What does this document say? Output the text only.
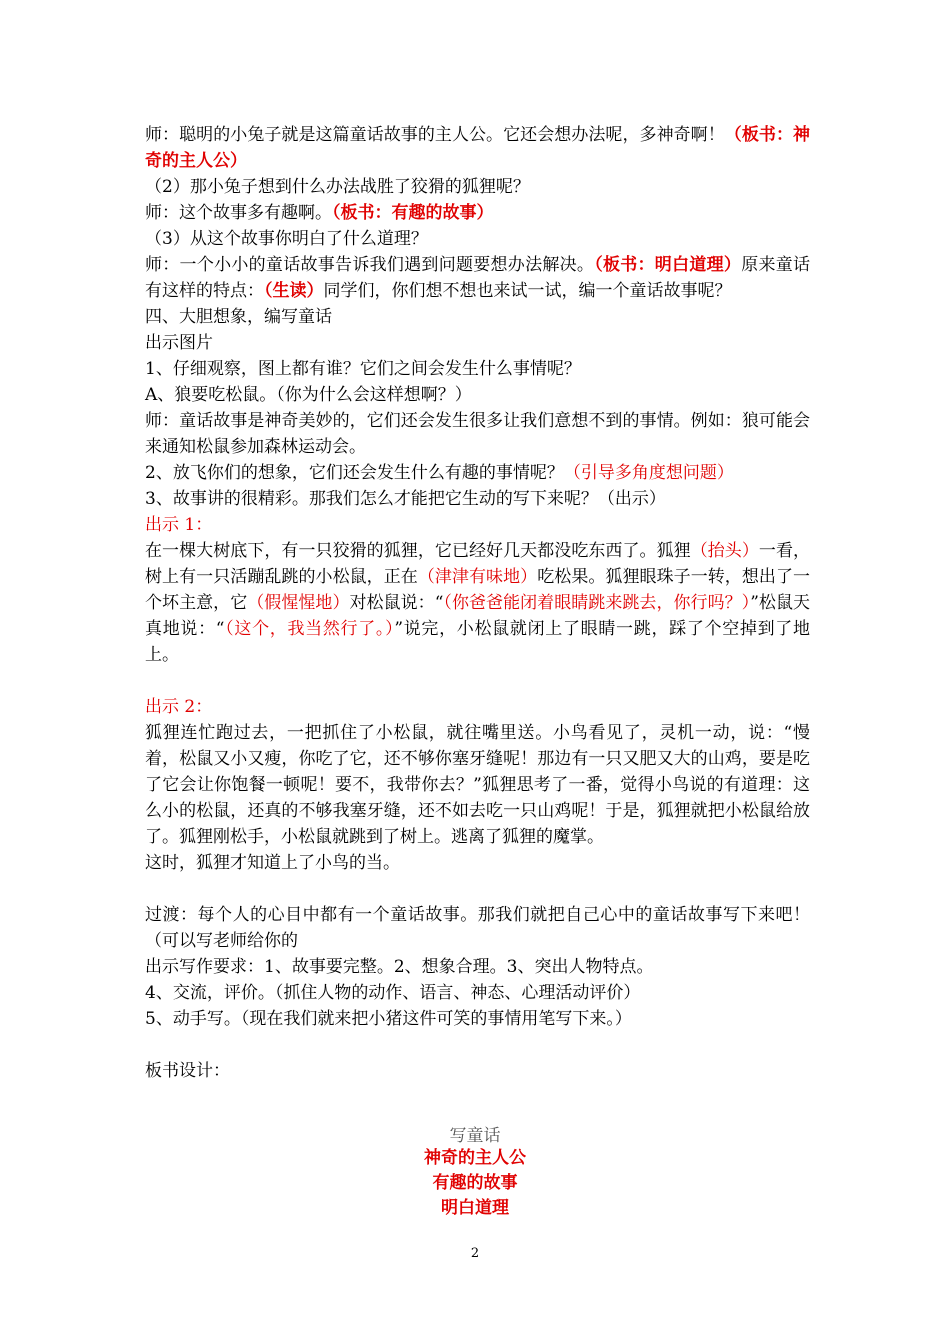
师：聪明的小兔子就是这篇童话故事的主人公。它还会想办法呢，多神奇啊！（板书：神奇的主人公）

（2）那小兔子想到什么办法战胜了狡猾的狐狸呢？

师：这个故事多有趣啊。（板书：有趣的故事）

（3）从这个故事你明白了什么道理？

师：一个小小的童话故事告诉我们遇到问题要想办法解决。（板书：明白道理）原来童话有这样的特点：（生读）同学们，你们想不想也来试一试，编一个童话故事呢？

四、大胆想象，编写童话

出示图片

1、仔细观察，图上都有谁？它们之间会发生什么事情呢？

A、狼要吃松鼠。（你为什么会这样想啊？）

师：童话故事是神奇美妙的，它们还会发生很多让我们意想不到的事情。例如：狼可能会来通知松鼠参加森林运动会。

2、放飞你们的想象，它们还会发生什么有趣的事情呢？（引导多角度想问题）

3、故事讲的很精彩。那我们怎么才能把它生动的写下来呢？（出示）

出示 1：

在一棵大树底下，有一只狡猾的狐狸，它已经好几天都没吃东西了。狐狸（抬头）一看，树上有一只活蹦乱跳的小松鼠，正在（津津有味地）吃松果。狐狸眼珠子一转，想出了一个坏主意，它（假惺惺地）对松鼠说：“（你爸爸能闭着眼睛跳来跳去，你行吗？）”松鼠天真地说：“（这个，我当然行了。）”说完，小松鼠就闭上了眼睛一跳，踩了个空掉到了地上。

出示 2：

狐狸连忙跑过去，一把抓住了小松鼠，就往嘴里送。小鸟看见了，灵机一动，说：“慢着，松鼠又小又瘦，你吃了它，还不够你塞牙缝呢！那边有一只又肥又大的山鸡，要是吃了它会让你饱餐一顿呢！要不，我带你去？”狐狸思考了一番，觉得小鸟说的有道理：这么小的松鼠，还真的不够我塞牙缝，还不如去吃一只山鸡呢！于是，狐狸就把小松鼠给放了。狐狸刚松手，小松鼠就跳到了树上。逃离了狐狸的魔掌。

这时，狐狸才知道上了小鸟的当。

过渡：每个人的心目中都有一个童话故事。那我们就把自己心中的童话故事写下来吧！（可以写老师给你的

出示写作要求：1、故事要完整。2、想象合理。3、突出人物特点。

4、交流，评价。（抓住人物的动作、语言、神态、心理活动评价）

5、动手写。（现在我们就来把小猪这件可笑的事情用笔写下来。）

板书设计：

写童话
神奇的主人公
有趣的故事
明白道理
2
